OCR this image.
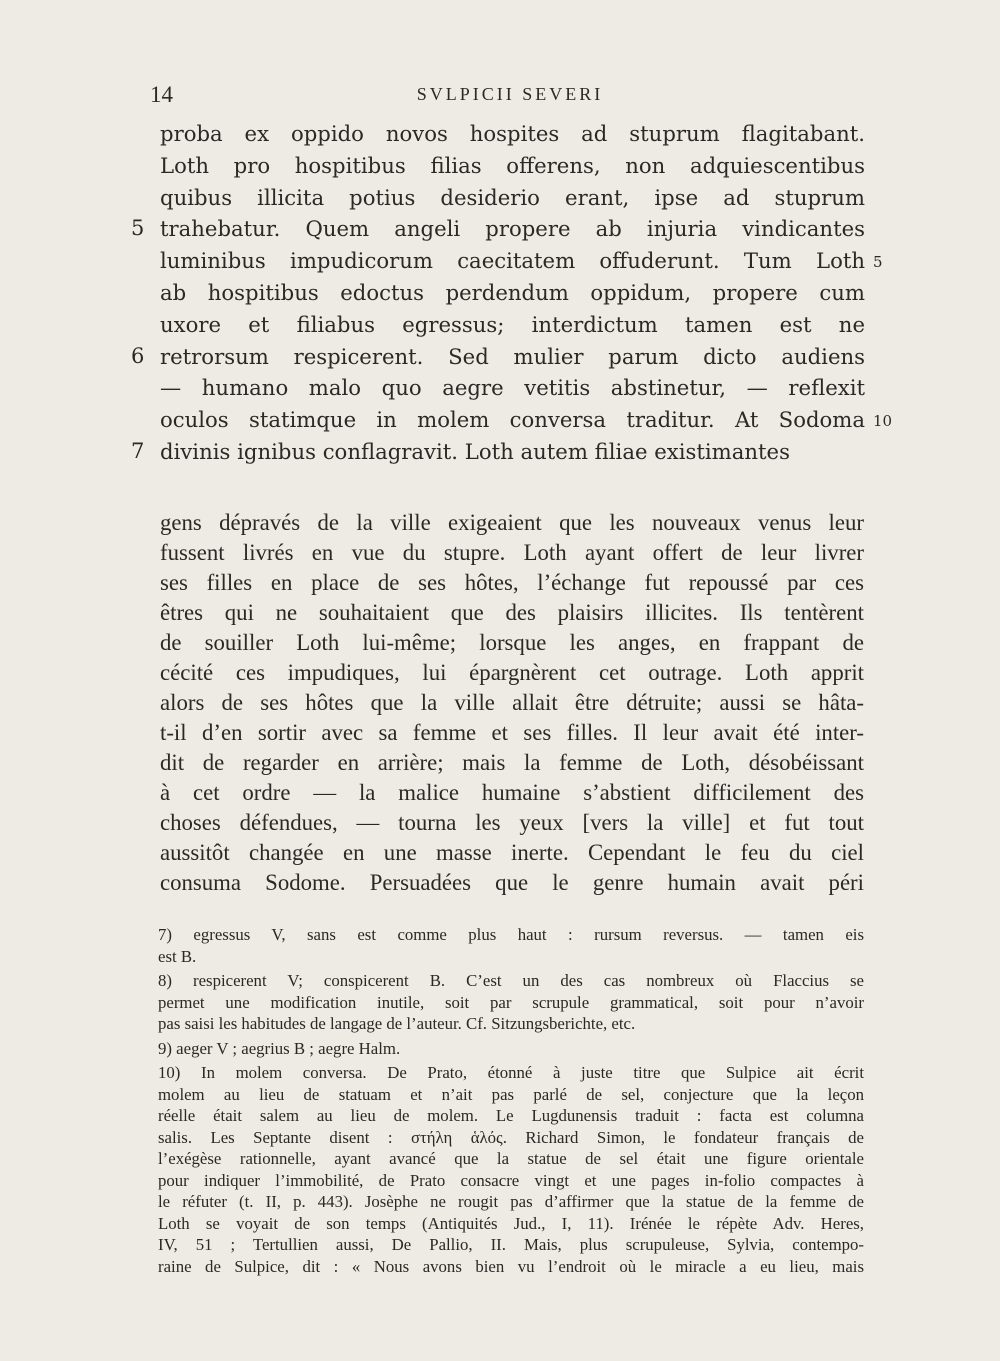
14	SVLPICII SEVERI
proba ex oppido novos hospites ad stuprum flagitabant.
Loth pro hospitibus filias offerens, non adquiescentibus
quibus illicita potius desiderio erant, ipse ad stuprum
5 trahebatur. Quem angeli propere ab injuria vindicantes
luminibus impudicorum caecitatem offuderunt. Tum Loth 5
ab hospitibus edoctus perdendum oppidum, propere cum
uxore et filiabus egressus; interdictum tamen est ne
6 retrorsum respicerent. Sed mulier parum dicto audiens
— humano malo quo aegre vetitis abstinetur, — reflexit
oculos statimque in molem conversa traditur. At Sodoma 10
7 divinis ignibus conflagravit. Loth autem filiae existimantes
gens dépravés de la ville exigeaient que les nouveaux venus leur
fussent livrés en vue du stupre. Loth ayant offert de leur livrer
ses filles en place de ses hôtes, l’échange fut repoussé par ces
êtres qui ne souhaitaient que des plaisirs illicites. Ils tentèrent
de souiller Loth lui-même; lorsque les anges, en frappant de
cécité ces impudiques, lui épargnèrent cet outrage. Loth apprit
alors de ses hôtes que la ville allait être détruite; aussi se hâta-
t-il d’en sortir avec sa femme et ses filles. Il leur avait été inter-
dit de regarder en arrière; mais la femme de Loth, désobéissant
à cet ordre — la malice humaine s’abstient difficilement des
choses défendues, — tourna les yeux [vers la ville] et fut tout
aussitôt changée en une masse inerte. Cependant le feu du ciel
consuma Sodome. Persuadées que le genre humain avait péri
7) egressus V, sans est comme plus haut : rursum reversus. — tamen eis
est B.
8) respicerent V; conspicerent B. C’est un des cas nombreux où Flaccius se
permet une modification inutile, soit par scrupule grammatical, soit pour n’avoir
pas saisi les habitudes de langage de l’auteur. Cf. Sitzungsberichte, etc.
9) aeger V ; aegrius B ; aegre Halm.
10) In molem conversa. De Prato, étonné à juste titre que Sulpice ait écrit
molem au lieu de statuam et n’ait pas parlé de sel, conjecture que la leçon
réelle était salem au lieu de molem. Le Lugdunensis traduit : facta est columna
salis. Les Septante disent : στήλη ἁλός. Richard Simon, le fondateur français de
l’exégèse rationnelle, ayant avancé que la statue de sel était une figure orientale
pour indiquer l’immobilité, de Prato consacre vingt et une pages in-folio compactes à
le réfuter (t. II, p. 443). Josèphe ne rougit pas d’affirmer que la statue de la femme de
Loth se voyait de son temps (Antiquités Jud., I, 11). Irénée le répète Adv. Heres,
IV, 51 ; Tertullien aussi, De Pallio, II. Mais, plus scrupuleuse, Sylvia, contempo-
raine de Sulpice, dit : « Nous avons bien vu l’endroit où le miracle a eu lieu, mais
